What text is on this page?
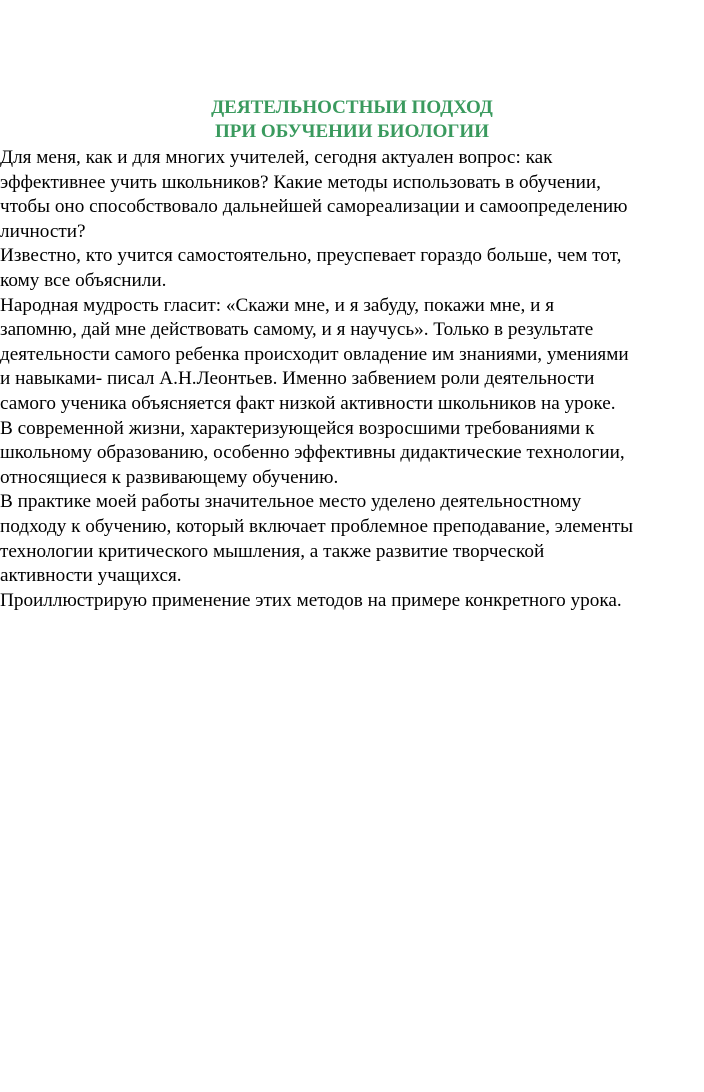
ДЕЯТЕЛЬНОСТНЫИ ПОДХОД
ПРИ ОБУЧЕНИИ БИОЛОГИИ

Для меня, как и для многих учителей, сегодня актуален вопрос: как
эффективнее учить школьников? Какие методы использовать в обучении,
чтобы оно способствовало дальнейшей самореализации и самоопределению
личности?

Известно, кто учится самостоятельно, преуспевает гораздо больше, чем тот,
кому все объяснили.

Народная мудрость гласит: «Скажи мне, и я забуду, покажи мне, и я
запомню, дай мне действовать самому, и я научусь». Только в результате
деятельности самого ребенка происходит овладение им знаниями, умениями
и навыками- писал А.Н.Леонтьев. Именно забвением роли деятельности
самого ученика объясняется факт низкой активности школьников на уроке.

В современной жизни, характеризующейся возросшими требованиями к
школьному образованию, особенно эффективны дидактические технологии,
относящиеся к развивающему обучению.

В практике моей работы значительное место уделено деятельностному
подходу к обучению, который включает проблемное преподавание, элементы
технологии критического мышления, а также развитие творческой
активности учащихся.

Проиллюстрирую применение этих методов на примере конкретного урока.
